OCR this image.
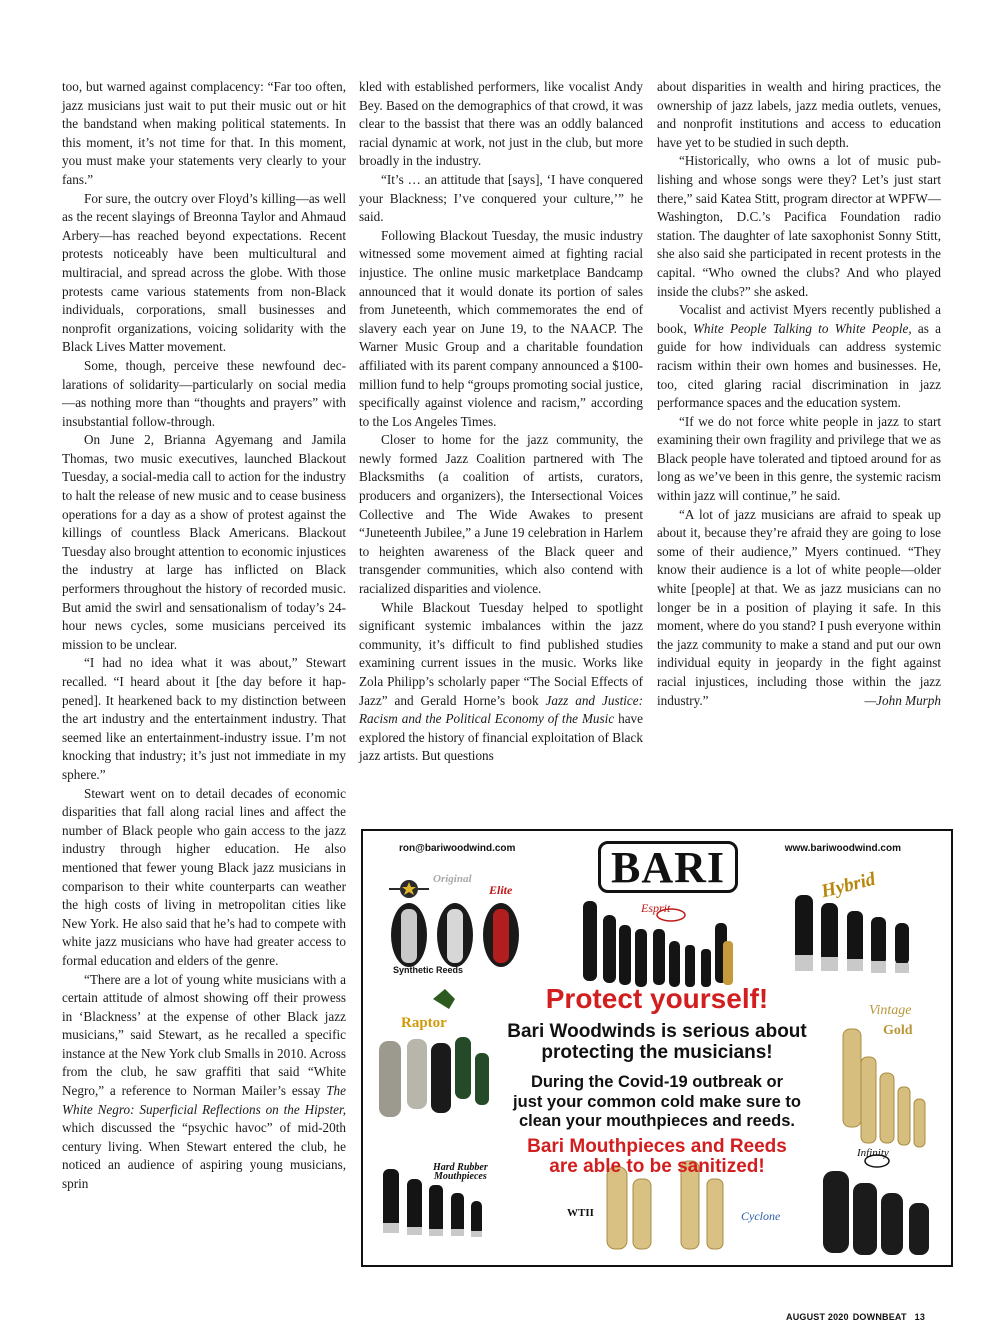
too, but warned against complacency: “Far too often, jazz musicians just wait to put their music out or hit the bandstand when making political statements. In this moment, it’s not time for that. In this moment, you must make your statements very clearly to your fans.”

For sure, the outcry over Floyd’s killing—as well as the recent slayings of Breonna Taylor and Ahmaud Arbery—has reached beyond expectations. Recent protests noticeably have been multicultural and multiracial, and spread across the globe. With those protests came various statements from non-Black individuals, corporations, small businesses and nonprofit organizations, voicing solidarity with the Black Lives Matter movement.

Some, though, perceive these newfound declarations of solidarity—particularly on social media—as nothing more than “thoughts and prayers” with insubstantial follow-through.

On June 2, Brianna Agyemang and Jamila Thomas, two music executives, launched Blackout Tuesday, a social-media call to action for the industry to halt the release of new music and to cease business operations for a day as a show of protest against the killings of countless Black Americans. Blackout Tuesday also brought attention to economic injustices the industry at large has inflicted on Black performers throughout the history of recorded music. But amid the swirl and sensationalism of today’s 24-hour news cycles, some musicians perceived its mission to be unclear.

“I had no idea what it was about,” Stewart recalled. “I heard about it [the day before it happened]. It hearkened back to my distinction between the art industry and the entertainment industry. That seemed like an entertainment-industry issue. I’m not knocking that industry; it’s just not immediate in my sphere.”

Stewart went on to detail decades of economic disparities that fall along racial lines and affect the number of Black people who gain access to the jazz industry through higher education. He also mentioned that fewer young Black jazz musicians in comparison to their white counterparts can weather the high costs of living in metropolitan cities like New York. He also said that he’s had to compete with white jazz musicians who have had greater access to formal education and elders of the genre.

“There are a lot of young white musicians with a certain attitude of almost showing off their prowess in ‘Blackness’ at the expense of other Black jazz musicians,” said Stewart, as he recalled a specific instance at the New York club Smalls in 2010. Across from the club, he saw graffiti that said “White Negro,” a reference to Norman Mailer’s essay The White Negro: Superficial Reflections on the Hipster, which discussed the “psychic havoc” of mid-20th century living. When Stewart entered the club, he noticed an audience of aspiring young musicians, sprin

kled with established performers, like vocalist Andy Bey. Based on the demographics of that crowd, it was clear to the bassist that there was an oddly balanced racial dynamic at work, not just in the club, but more broadly in the industry.

“It’s … an attitude that [says], ‘I have conquered your Blackness; I’ve conquered your culture,’” he said.

Following Blackout Tuesday, the music industry witnessed some movement aimed at fighting racial injustice. The online music marketplace Bandcamp announced that it would donate its portion of sales from Juneteenth, which commemorates the end of slavery each year on June 19, to the NAACP. The Warner Music Group and a charitable foundation affiliated with its parent company announced a $100-million fund to help “groups promoting social justice, specifically against violence and racism,” according to the Los Angeles Times.

Closer to home for the jazz community, the newly formed Jazz Coalition partnered with The Blacksmiths (a coalition of artists, curators, producers and organizers), the Intersectional Voices Collective and The Wide Awakes to present “Juneteenth Jubilee,” a June 19 celebration in Harlem to heighten awareness of the Black queer and transgender communities, which also contend with racialized disparities and violence.

While Blackout Tuesday helped to spotlight significant systemic imbalances within the jazz community, it’s difficult to find published studies examining current issues in the music. Works like Zola Philipp’s scholarly paper “The Social Effects of Jazz” and Gerald Horne’s book Jazz and Justice: Racism and the Political Economy of the Music have explored the history of financial exploitation of Black jazz artists. But questions

about disparities in wealth and hiring practices, the ownership of jazz labels, jazz media outlets, venues, and nonprofit institutions and access to education have yet to be studied in such depth.

“Historically, who owns a lot of music publishing and whose songs were they? Let’s just start there,” said Katea Stitt, program director at WPFW—Washington, D.C.’s Pacifica Foundation radio station. The daughter of late saxophonist Sonny Stitt, she also said she participated in recent protests in the capital. “Who owned the clubs? And who played inside the clubs?” she asked.

Vocalist and activist Myers recently published a book, White People Talking to White People, as a guide for how individuals can address systemic racism within their own homes and businesses. He, too, cited glaring racial discrimination in jazz performance spaces and the education system.

“If we do not force white people in jazz to start examining their own fragility and privilege that we as Black people have tolerated and tiptoed around for as long as we’ve been in this genre, the systemic racism within jazz will continue,” he said.

“A lot of jazz musicians are afraid to speak up about it, because they’re afraid they are going to lose some of their audience,” Myers continued. “They know their audience is a lot of white people—older white [people] at that. We as jazz musicians can no longer be in a position of playing it safe. In this moment, where do you stand? I push everyone within the jazz community to make a stand and put our own individual equity in jeopardy in the fight against racial injustices, including those within the jazz industry.”	—John Murph

ron@bariwoodwind.com	www.bariwoodwind.com
BARI
Original
Elite
Synthetic Reeds
Esprit
Hybrid
Raptor
Vintage
Gold
Protect yourself!
Bari Woodwinds is serious about
protecting the musicians!
During the Covid-19 outbreak or
just your common cold make sure to
clean your mouthpieces and reeds.
Bari Mouthpieces and Reeds
are able to be sanitized!
Hard Rubber
Mouthpieces
WTII	Cyclone
Infinity
AUGUST 2020 DOWNBEAT 13
